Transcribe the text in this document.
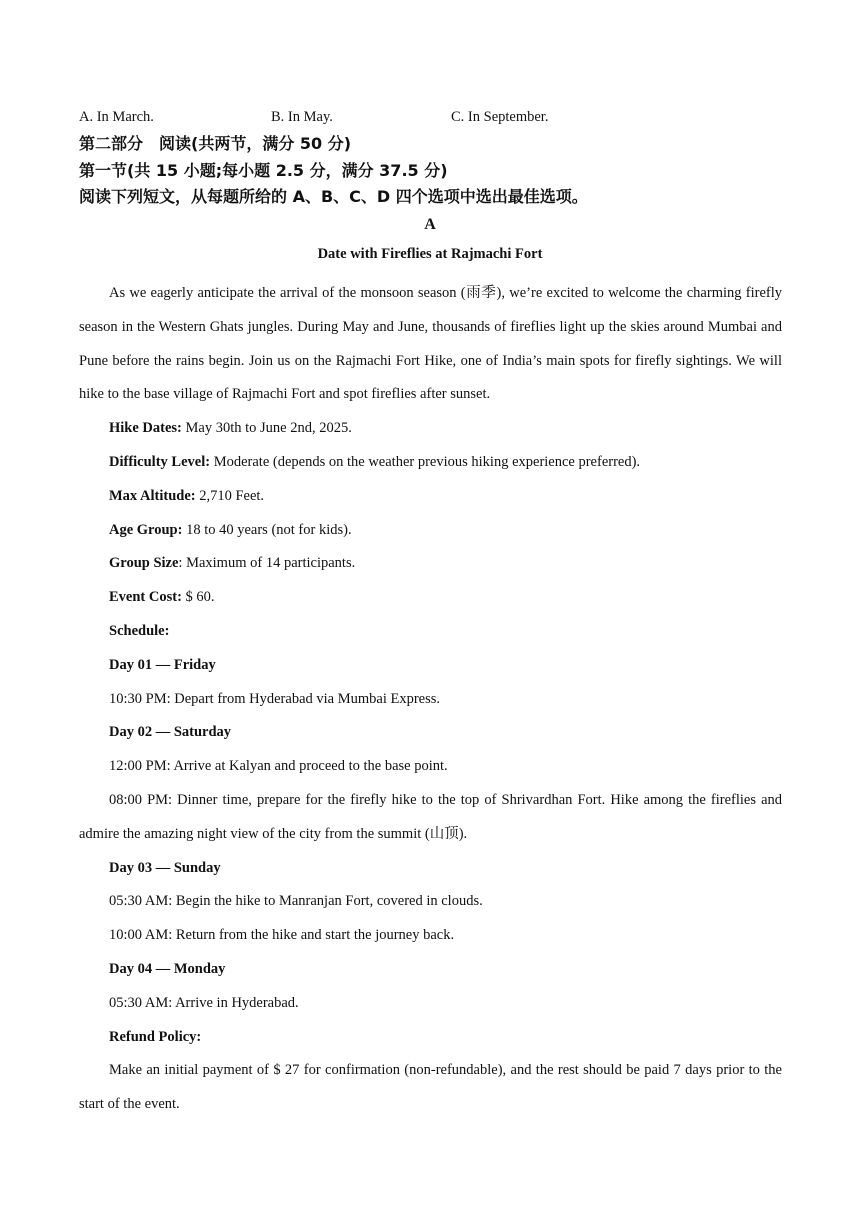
A. In March.	B. In May.	C. In September.
第二部分　阅读(共两节，满分 50 分)
第一节(共 15 小题;每小题 2.5 分，满分 37.5 分)
阅读下列短文，从每题所给的 A、B、C、D 四个选项中选出最佳选项。
A
Date with Fireflies at Rajmachi Fort

As we eagerly anticipate the arrival of the monsoon season (雨季), we’re excited to welcome the charming firefly season in the Western Ghats jungles. During May and June, thousands of fireflies light up the skies around Mumbai and Pune before the rains begin. Join us on the Rajmachi Fort Hike, one of India’s main spots for firefly sightings. We will hike to the base village of Rajmachi Fort and spot fireflies after sunset.

Hike Dates: May 30th to June 2nd, 2025.

Difficulty Level: Moderate (depends on the weather previous hiking experience preferred).

Max Altitude: 2,710 Feet.

Age Group: 18 to 40 years (not for kids).

Group Size: Maximum of 14 participants.

Event Cost: $ 60.

Schedule:

Day 01 — Friday

10:30 PM: Depart from Hyderabad via Mumbai Express.

Day 02 — Saturday

12:00 PM: Arrive at Kalyan and proceed to the base point.

08:00 PM: Dinner time, prepare for the firefly hike to the top of Shrivardhan Fort. Hike among the fireflies and admire the amazing night view of the city from the summit (山顶).

Day 03 — Sunday

05:30 AM: Begin the hike to Manranjan Fort, covered in clouds.

10:00 AM: Return from the hike and start the journey back.

Day 04 — Monday

05:30 AM: Arrive in Hyderabad.

Refund Policy:

Make an initial payment of $ 27 for confirmation (non-refundable), and the rest should be paid 7 days prior to the start of the event.
